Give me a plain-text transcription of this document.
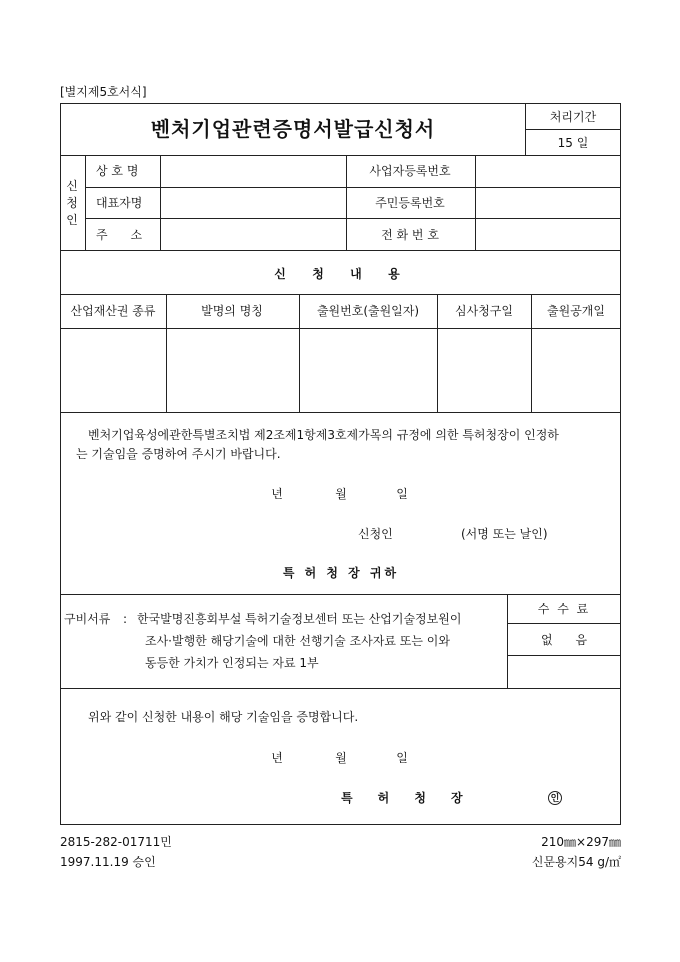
[별지제5호서식]
벤처기업관련증명서발급신청서	처리기간
15 일
신
청
인
상 호 명	사업자등록번호
대표자명	주민등록번호
주      소	전 화 번 호
신  청  내  용
산업재산권 종류	발명의 명칭	출원번호(출원일자)	심사청구일	출원공개일
벤처기업육성에관한특별조치법 제2조제1항제3호제가목의 규정에 의한 특허청장이 인정하
는 기술임을 증명하여 주시기 바랍니다.
년	월	일
신청인	(서명 또는 날인)
특 허 청 장 귀하
구비서류 : 한국발명진흥회부설 특허기술정보센터 또는 산업기술정보원이
조사·발행한 해당기술에 대한 선행기술 조사자료 또는 이와
동등한 가치가 인정되는 자료 1부
수 수 료
없      음
위와 같이 신청한 내용이 해당 기술임을 증명합니다.
년	월	일
특      허      청      장	인
2815-282-01711민
1997.11.19 승인
210㎜×297㎜
신문용지54 g/㎡
